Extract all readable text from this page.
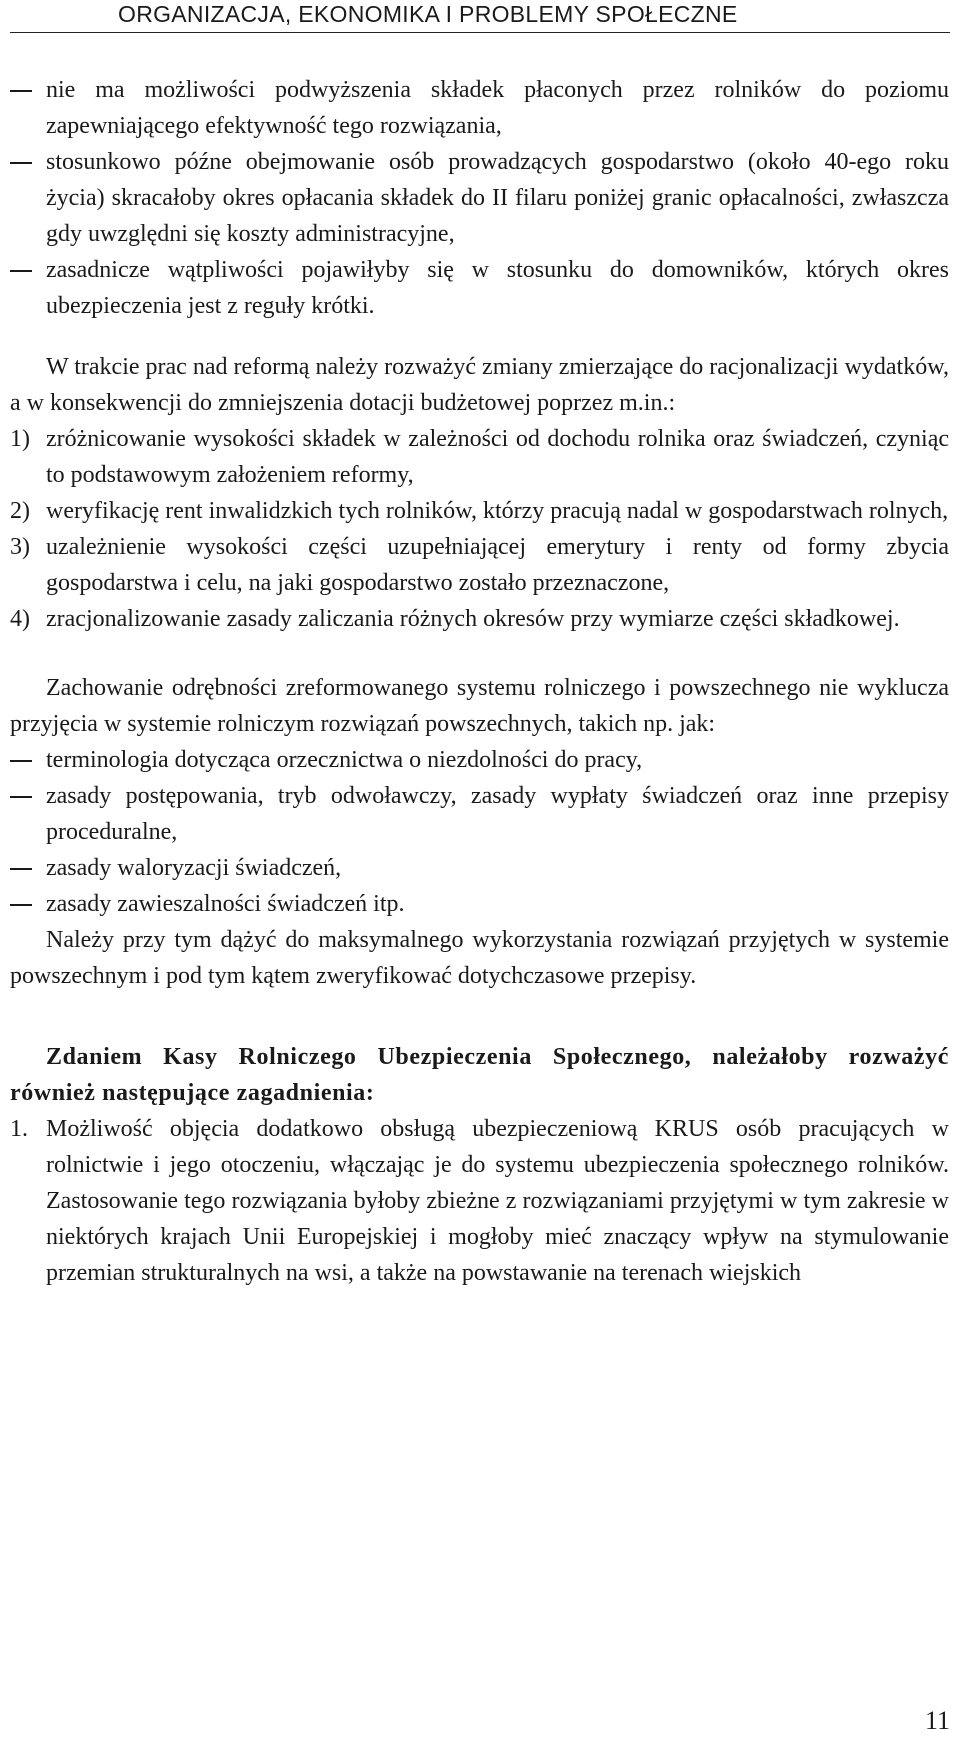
ORGANIZACJA, EKONOMIKA I PROBLEMY SPOŁECZNE
nie ma możliwości podwyższenia składek płaconych przez rolników do poziomu zapewniającego efektywność tego rozwiązania,
stosunkowo późne obejmowanie osób prowadzących gospodarstwo (około 40-ego roku życia) skracałoby okres opłacania składek do II filaru poniżej granic opłacalności, zwłaszcza gdy uwzględni się koszty administracyjne,
zasadnicze wątpliwości pojawiłyby się w stosunku do domowników, których okres ubezpieczenia jest z reguły krótki.

W trakcie prac nad reformą należy rozważyć zmiany zmierzające do racjonalizacji wydatków, a w konsekwencji do zmniejszenia dotacji budżetowej poprzez m.in.:

1) zróżnicowanie wysokości składek w zależności od dochodu rolnika oraz świadczeń, czyniąc to podstawowym założeniem reformy,
2) weryfikację rent inwalidzkich tych rolników, którzy pracują nadal w gospodarstwach rolnych,
3) uzależnienie wysokości części uzupełniającej emerytury i renty od formy zbycia gospodarstwa i celu, na jaki gospodarstwo zostało przeznaczone,
4) zracjonalizowanie zasady zaliczania różnych okresów przy wymiarze części składkowej.

Zachowanie odrębności zreformowanego systemu rolniczego i powszechnego nie wyklucza przyjęcia w systemie rolniczym rozwiązań powszechnych, takich np. jak:

terminologia dotycząca orzecznictwa o niezdolności do pracy,
zasady postępowania, tryb odwoławczy, zasady wypłaty świadczeń oraz inne przepisy proceduralne,
zasady waloryzacji świadczeń,
zasady zawieszalności świadczeń itp.

Należy przy tym dążyć do maksymalnego wykorzystania rozwiązań przyjętych w systemie powszechnym i pod tym kątem zweryfikować dotychczasowe przepisy.

Zdaniem Kasy Rolniczego Ubezpieczenia Społecznego, należałoby rozważyć również następujące zagadnienia:

1. Możliwość objęcia dodatkowo obsługą ubezpieczeniową KRUS osób pracujących w rolnictwie i jego otoczeniu, włączając je do systemu ubezpieczenia społecznego rolników. Zastosowanie tego rozwiązania byłoby zbieżne z rozwiązaniami przyjętymi w tym zakresie w niektórych krajach Unii Europejskiej i mogłoby mieć znaczący wpływ na stymulowanie przemian strukturalnych na wsi, a także na powstawanie na terenach wiejskich
11
